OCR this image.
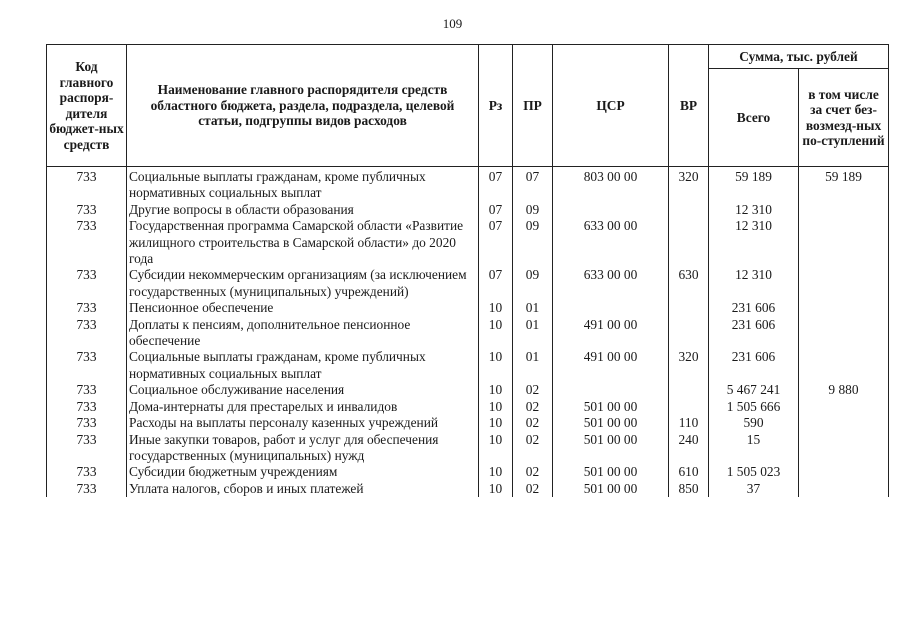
109
Код главного распоря-дителя бюджет-ных средств	Наименование главного распорядителя средств областного бюджета, раздела, подраздела, целевой статьи, подгруппы видов расходов	Рз	ПР	ЦСР	ВР	Сумма, тыс. рублей	
						Всего	в том числе за счет без-возмезд-ных по-ступлений
733	Социальные выплаты гражданам, кроме публичных нормативных социальных выплат	07	07	803 00 00	320	59 189	59 189
733	Другие вопросы в области образования	07	09			12 310	
733	Государственная программа Самарской области «Развитие жилищного строительства в Самарской области» до 2020 года	07	09	633 00 00		12 310	
733	Субсидии некоммерческим организациям (за исключением государственных (муниципальных) учреждений)	07	09	633 00 00	630	12 310	
733	Пенсионное обеспечение	10	01			231 606	
733	Доплаты к пенсиям, дополнительное пенсионное обеспечение	10	01	491 00 00		231 606	
733	Социальные выплаты гражданам, кроме публичных нормативных социальных выплат	10	01	491 00 00	320	231 606	
733	Социальное обслуживание населения	10	02			5 467 241	9 880
733	Дома-интернаты для престарелых и инвалидов	10	02	501 00 00		1 505 666	
733	Расходы на выплаты персоналу казенных учреждений	10	02	501 00 00	110	590	
733	Иные закупки товаров, работ и услуг для обеспечения государственных (муниципальных) нужд	10	02	501 00 00	240	15	
733	Субсидии бюджетным учреждениям	10	02	501 00 00	610	1 505 023	
733	Уплата налогов, сборов и иных платежей	10	02	501 00 00	850	37	
